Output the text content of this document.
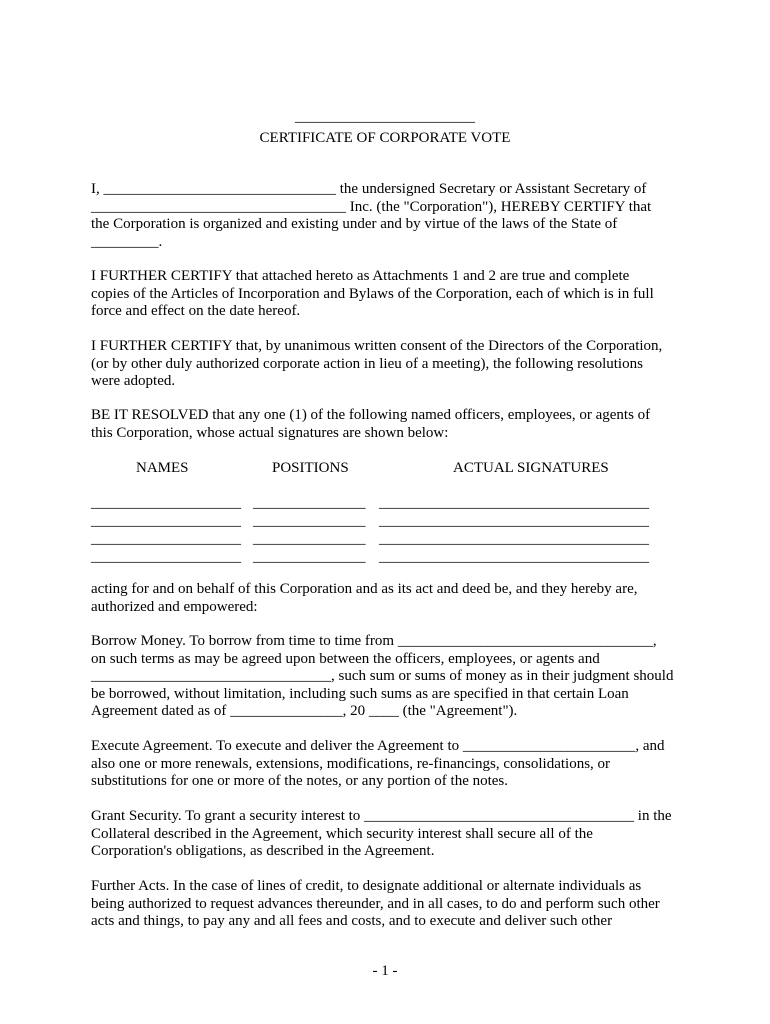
________________________
CERTIFICATE OF CORPORATE VOTE
I, _______________________________ the undersigned Secretary or Assistant Secretary of
__________________________________ Inc. (the "Corporation"), HEREBY CERTIFY that
the Corporation is organized and existing under and by virtue of the laws of the State of
_________.
I FURTHER CERTIFY that attached hereto as Attachments 1 and 2 are true and complete
copies of the Articles of Incorporation and Bylaws of the Corporation, each of which is in full
force and effect on the date hereof.
I FURTHER CERTIFY that, by unanimous written consent of the Directors of the Corporation,
(or by other duly authorized corporate action in lieu of a meeting), the following resolutions
were adopted.
BE IT RESOLVED that any one (1) of the following named officers, employees, or agents of
this Corporation, whose actual signatures are shown below:
NAMES	POSITIONS	ACTUAL SIGNATURES
____________________ _______________ ____________________________________
____________________ _______________ ____________________________________
____________________ _______________ ____________________________________
____________________ _______________ ____________________________________
acting for and on behalf of this Corporation and as its act and deed be, and they hereby are,
authorized and empowered:
Borrow Money. To borrow from time to time from __________________________________,
on such terms as may be agreed upon between the officers, employees, or agents and
________________________________, such sum or sums of money as in their judgment should
be borrowed, without limitation, including such sums as are specified in that certain Loan
Agreement dated as of _______________, 20 ____ (the "Agreement").
Execute Agreement. To execute and deliver the Agreement to _______________________, and
also one or more renewals, extensions, modifications, re-financings, consolidations, or
substitutions for one or more of the notes, or any portion of the notes.
Grant Security. To grant a security interest to ____________________________________ in the
Collateral described in the Agreement, which security interest shall secure all of the
Corporation's obligations, as described in the Agreement.
Further Acts. In the case of lines of credit, to designate additional or alternate individuals as
being authorized to request advances thereunder, and in all cases, to do and perform such other
acts and things, to pay any and all fees and costs, and to execute and deliver such other
- 1 -
